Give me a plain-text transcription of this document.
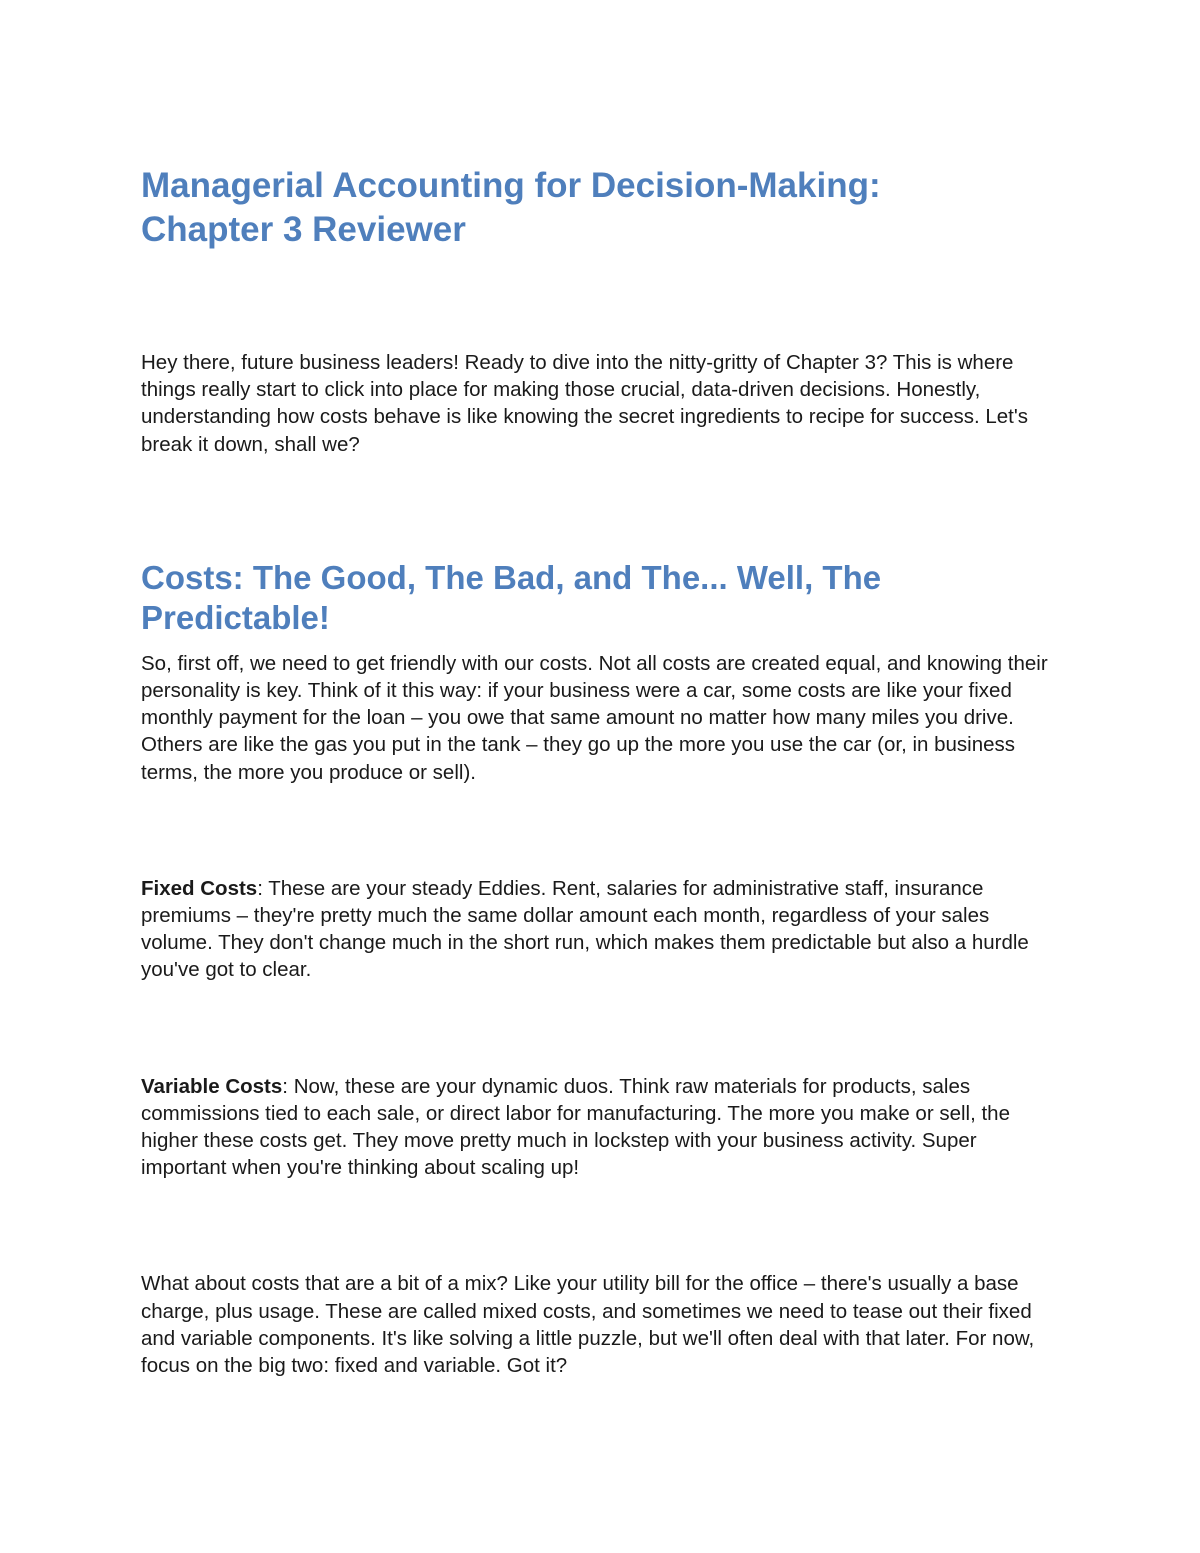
Managerial Accounting for Decision-Making:
Chapter 3 Reviewer

Hey there, future business leaders! Ready to dive into the nitty-gritty of Chapter 3? This is where things really start to click into place for making those crucial, data-driven decisions. Honestly, understanding how costs behave is like knowing the secret ingredients to recipe for success. Let's break it down, shall we?

Costs: The Good, The Bad, and The... Well, The
Predictable!

So, first off, we need to get friendly with our costs. Not all costs are created equal, and knowing their personality is key. Think of it this way: if your business were a car, some costs are like your fixed monthly payment for the loan – you owe that same amount no matter how many miles you drive. Others are like the gas you put in the tank – they go up the more you use the car (or, in business terms, the more you produce or sell).

Fixed Costs: These are your steady Eddies. Rent, salaries for administrative staff, insurance premiums – they're pretty much the same dollar amount each month, regardless of your sales volume. They don't change much in the short run, which makes them predictable but also a hurdle you've got to clear.

Variable Costs: Now, these are your dynamic duos. Think raw materials for products, sales commissions tied to each sale, or direct labor for manufacturing. The more you make or sell, the higher these costs get. They move pretty much in lockstep with your business activity. Super important when you're thinking about scaling up!

What about costs that are a bit of a mix? Like your utility bill for the office – there's usually a base charge, plus usage. These are called mixed costs, and sometimes we need to tease out their fixed and variable components. It's like solving a little puzzle, but we'll often deal with that later. For now, focus on the big two: fixed and variable. Got it?
